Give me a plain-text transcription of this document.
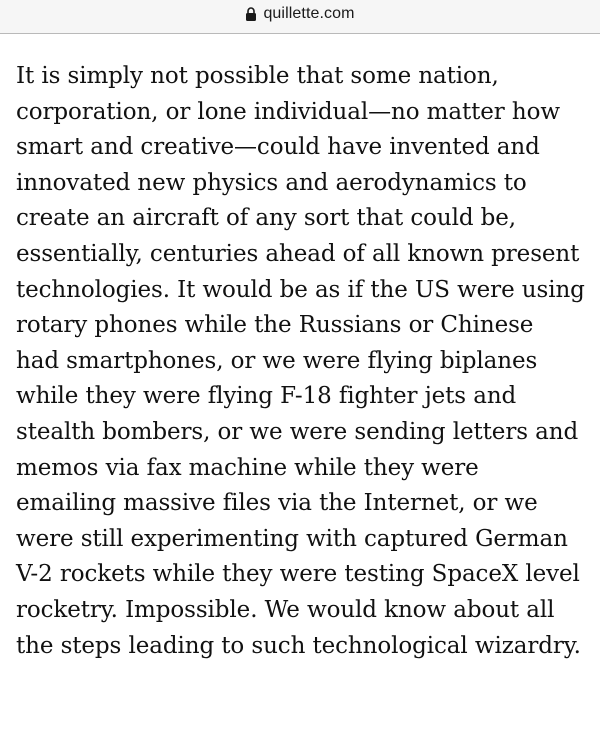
quillette.com

It is simply not possible that some nation,
corporation, or lone individual—no matter how
smart and creative—could have invented and
innovated new physics and aerodynamics to
create an aircraft of any sort that could be,
essentially, centuries ahead of all known present
technologies. It would be as if the US were using
rotary phones while the Russians or Chinese
had smartphones, or we were flying biplanes
while they were flying F-18 fighter jets and
stealth bombers, or we were sending letters and
memos via fax machine while they were
emailing massive files via the Internet, or we
were still experimenting with captured German
V-2 rockets while they were testing SpaceX level
rocketry. Impossible. We would know about all
the steps leading to such technological wizardry.
